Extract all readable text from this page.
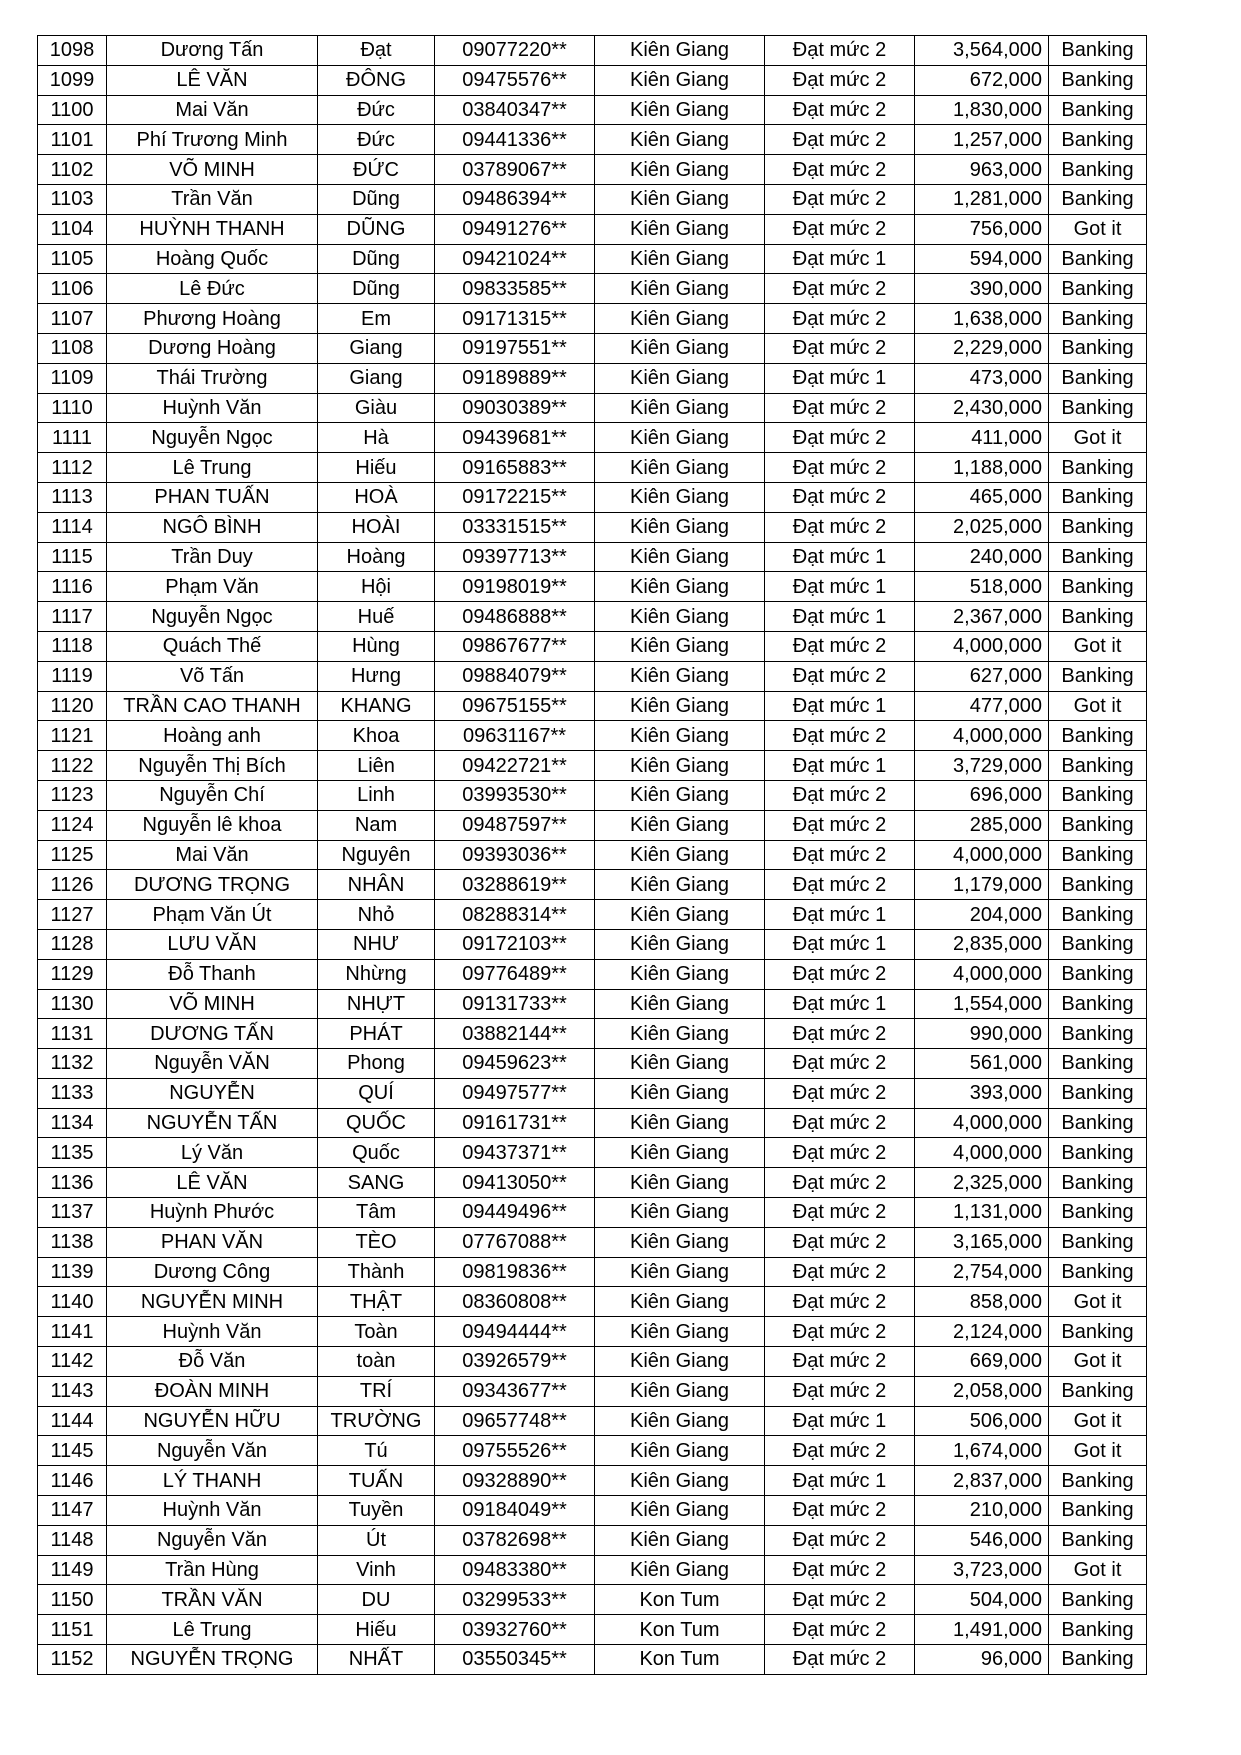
1098	Dương Tấn	Đạt	09077220**	Kiên Giang	Đạt mức 2	3,564,000	Banking
1099	LÊ VĂN	ĐÔNG	09475576**	Kiên Giang	Đạt mức 2	672,000	Banking
1100	Mai Văn	Đức	03840347**	Kiên Giang	Đạt mức 2	1,830,000	Banking
1101	Phí Trương Minh	Đức	09441336**	Kiên Giang	Đạt mức 2	1,257,000	Banking
1102	VÕ MINH	ĐỨC	03789067**	Kiên Giang	Đạt mức 2	963,000	Banking
1103	Trần Văn	Dũng	09486394**	Kiên Giang	Đạt mức 2	1,281,000	Banking
1104	HUỲNH THANH	DŨNG	09491276**	Kiên Giang	Đạt mức 2	756,000	Got it
1105	Hoàng Quốc	Dũng	09421024**	Kiên Giang	Đạt mức 1	594,000	Banking
1106	Lê Đức	Dũng	09833585**	Kiên Giang	Đạt mức 2	390,000	Banking
1107	Phương Hoàng	Em	09171315**	Kiên Giang	Đạt mức 2	1,638,000	Banking
1108	Dương Hoàng	Giang	09197551**	Kiên Giang	Đạt mức 2	2,229,000	Banking
1109	Thái Trường	Giang	09189889**	Kiên Giang	Đạt mức 1	473,000	Banking
1110	Huỳnh Văn	Giàu	09030389**	Kiên Giang	Đạt mức 2	2,430,000	Banking
1111	Nguyễn Ngọc	Hà	09439681**	Kiên Giang	Đạt mức 2	411,000	Got it
1112	Lê Trung	Hiếu	09165883**	Kiên Giang	Đạt mức 2	1,188,000	Banking
1113	PHAN TUẤN	HOÀ	09172215**	Kiên Giang	Đạt mức 2	465,000	Banking
1114	NGÔ BÌNH	HOÀI	03331515**	Kiên Giang	Đạt mức 2	2,025,000	Banking
1115	Trần Duy	Hoàng	09397713**	Kiên Giang	Đạt mức 1	240,000	Banking
1116	Phạm Văn	Hội	09198019**	Kiên Giang	Đạt mức 1	518,000	Banking
1117	Nguyễn Ngọc	Huế	09486888**	Kiên Giang	Đạt mức 1	2,367,000	Banking
1118	Quách Thế	Hùng	09867677**	Kiên Giang	Đạt mức 2	4,000,000	Got it
1119	Võ Tấn	Hưng	09884079**	Kiên Giang	Đạt mức 2	627,000	Banking
1120	TRẦN CAO THANH	KHANG	09675155**	Kiên Giang	Đạt mức 1	477,000	Got it
1121	Hoàng anh	Khoa	09631167**	Kiên Giang	Đạt mức 2	4,000,000	Banking
1122	Nguyễn Thị Bích	Liên	09422721**	Kiên Giang	Đạt mức 1	3,729,000	Banking
1123	Nguyễn Chí	Linh	03993530**	Kiên Giang	Đạt mức 2	696,000	Banking
1124	Nguyễn lê khoa	Nam	09487597**	Kiên Giang	Đạt mức 2	285,000	Banking
1125	Mai Văn	Nguyên	09393036**	Kiên Giang	Đạt mức 2	4,000,000	Banking
1126	DƯƠNG TRỌNG	NHÂN	03288619**	Kiên Giang	Đạt mức 2	1,179,000	Banking
1127	Phạm Văn Út	Nhỏ	08288314**	Kiên Giang	Đạt mức 1	204,000	Banking
1128	LƯU VĂN	NHƯ	09172103**	Kiên Giang	Đạt mức 1	2,835,000	Banking
1129	Đỗ Thanh	Nhừng	09776489**	Kiên Giang	Đạt mức 2	4,000,000	Banking
1130	VÕ MINH	NHỰT	09131733**	Kiên Giang	Đạt mức 1	1,554,000	Banking
1131	DƯƠNG TẤN	PHÁT	03882144**	Kiên Giang	Đạt mức 2	990,000	Banking
1132	Nguyễn VĂN	Phong	09459623**	Kiên Giang	Đạt mức 2	561,000	Banking
1133	NGUYỄN	QUÍ	09497577**	Kiên Giang	Đạt mức 2	393,000	Banking
1134	NGUYỄN TẤN	QUỐC	09161731**	Kiên Giang	Đạt mức 2	4,000,000	Banking
1135	Lý Văn	Quốc	09437371**	Kiên Giang	Đạt mức 2	4,000,000	Banking
1136	LÊ VĂN	SANG	09413050**	Kiên Giang	Đạt mức 2	2,325,000	Banking
1137	Huỳnh Phước	Tâm	09449496**	Kiên Giang	Đạt mức 2	1,131,000	Banking
1138	PHAN VĂN	TÈO	07767088**	Kiên Giang	Đạt mức 2	3,165,000	Banking
1139	Dương Công	Thành	09819836**	Kiên Giang	Đạt mức 2	2,754,000	Banking
1140	NGUYỄN MINH	THẬT	08360808**	Kiên Giang	Đạt mức 2	858,000	Got it
1141	Huỳnh Văn	Toàn	09494444**	Kiên Giang	Đạt mức 2	2,124,000	Banking
1142	Đỗ Văn	toàn	03926579**	Kiên Giang	Đạt mức 2	669,000	Got it
1143	ĐOÀN MINH	TRÍ	09343677**	Kiên Giang	Đạt mức 2	2,058,000	Banking
1144	NGUYỄN HỮU	TRƯỜNG	09657748**	Kiên Giang	Đạt mức 1	506,000	Got it
1145	Nguyễn Văn	Tú	09755526**	Kiên Giang	Đạt mức 2	1,674,000	Got it
1146	LÝ THANH	TUẤN	09328890**	Kiên Giang	Đạt mức 1	2,837,000	Banking
1147	Huỳnh Văn	Tuyền	09184049**	Kiên Giang	Đạt mức 2	210,000	Banking
1148	Nguyễn Văn	Út	03782698**	Kiên Giang	Đạt mức 2	546,000	Banking
1149	Trần Hùng	Vinh	09483380**	Kiên Giang	Đạt mức 2	3,723,000	Got it
1150	TRẦN VĂN	DU	03299533**	Kon Tum	Đạt mức 2	504,000	Banking
1151	Lê Trung	Hiếu	03932760**	Kon Tum	Đạt mức 2	1,491,000	Banking
1152	NGUYỄN TRỌNG	NHẤT	03550345**	Kon Tum	Đạt mức 2	96,000	Banking
